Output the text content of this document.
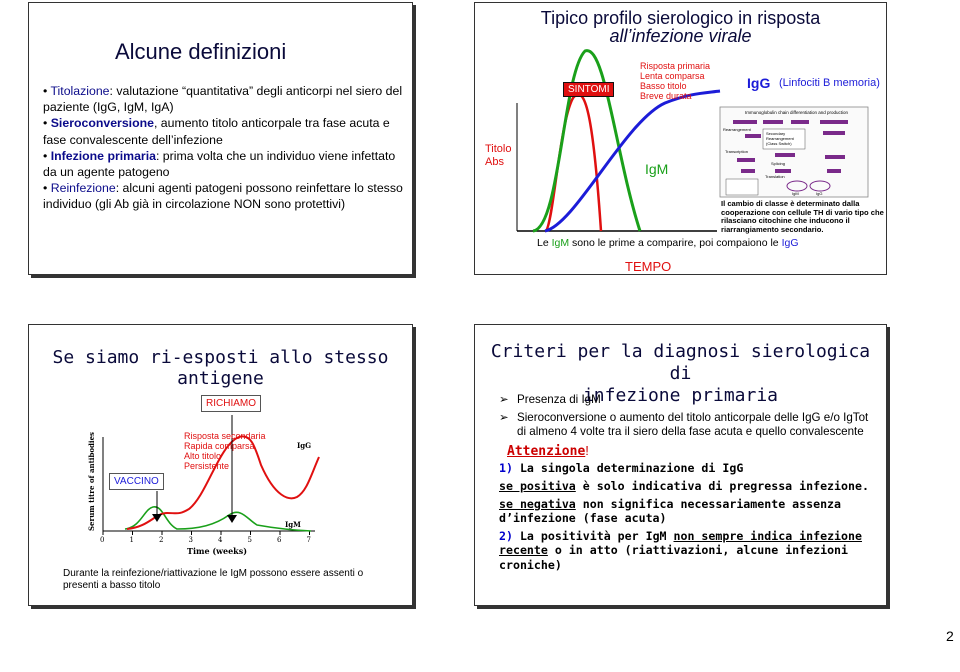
Alcune definizioni
• Titolazione: valutazione “quantitativa” degli anticorpi nel siero del paziente (IgG, IgM, IgA)
• Sieroconversione, aumento titolo anticorpale tra fase acuta e fase convalescente dell’infezione
• Infezione primaria: prima volta che un individuo viene infettato da un agente patogeno
• Reinfezione: alcuni agenti patogeni possono reinfettare lo stesso individuo (gli Ab già in circolazione NON sono protettivi)
Tipico profilo sierologico in risposta
all’infezione virale
Immunoglobulin chain differentiation and production
Rearrangement
Transcription
Splicing
Translation
Secondary Rearrangement (Class Switch)
IgM	IgG
SINTOMI
Risposta primaria
Lenta comparsa
Basso titolo
Breve durata
IgG (Linfociti B memoria)
Titolo
Abs	IgM
Il cambio di classe è determinato dalla
cooperazione con cellule TH di vario tipo che
rilasciano citochine che inducono il
riarrangiamento secondario.
Le IgM sono le prime a comparire, poi compaiono le IgG
TEMPO
Se siamo ri-esposti allo stesso antigene
Serum titre of antibodies
Time (weeks)
0	1	2	3	4	5	6	7
RICHIAMO
Risposta secondaria
Rapida comparsa
Alto titolo
Persistente
VACCINO
IgG
IgM
Durante la reinfezione/riattivazione le IgM possono essere assenti o presenti a basso titolo
Criteri per la diagnosi sierologica di
infezione primaria
➢ Presenza di IgM
➢ Sieroconversione o aumento del titolo anticorpale delle IgG e/o IgTot di almeno 4 volte tra il siero della fase acuta e quello convalescente
Attenzione!
1) La singola determinazione di IgG
se positiva è solo indicativa di pregressa infezione.
se negativa non significa necessariamente assenza
d’infezione (fase acuta)
2) La positività per IgM non sempre indica infezione recente o in atto (riattivazioni, alcune infezioni croniche)
2
